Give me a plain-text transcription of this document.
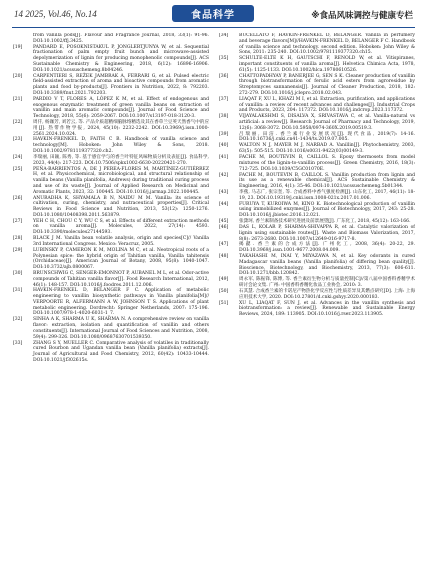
14 2025, Vol.46, No.14	食品科学	※食品风味调控与健康专栏
from vanilla pods[J]. Flavour and Fragrance Journal, 2018, 33(1): 91-96. DOI:10.1002/ffj.3425.
[19]	PANDARD E, POSOKNISTAKUL P, JONGLERTJUNYA W, et al. Sequential fractionation of palm empty fruit bunch and microwave-assisted depolymerization of lignin for producing monophenolic compounds[J]. ACS Sustainable Chemistry & Engineering, 2018, 6(12): 16896-16906. DOI:10.1021/acssuschemeng.8b04246.
[20]	CARPENTIERI S, REŽEK JAMBRAK A, FERRARI G, et al. Pulsed electric field-assisted extraction of aroma and bioactive compounds from aromatic plants and food by-products[J]. Frontiers in Nutrition, 2022, 8: 792203. DOI:10.3389/fnut.2021.792203.
[21]	PARDIO V T, FLORES A, LÓPEZ K M, et al. Effect of endogenous and exogenous enzymatic treatment of green vanilla beans on extraction of vanillin and main aromatic compounds[J]. Journal of Food Science and Technology, 2018, 55(6): 2059-2067. DOI:10.1007/s13197-018-3120-3.
[22]	周仟, 杨珈芳, 刘若云, 等. 产品介质超精细脑脉络精选及其在香草兰豆荚天然香气中的应用[J]. 热带作物学报, 2024, 45(10): 2232-2242. DOI:10.3969/j.issn.1000-2561.2024.10.024.
[23]	HAVKIN-FRENKEL D, FAITH C B. Handbook of vanilla science and technology[M]. Hoboken: John Wiley & Sons, 2018. DOI:10.1002/9781119377320.ch2.
[24]	李瑞丽, 田颖, 陈秀, 等. 基于感官学与的香兰叶特征风味物质分析及表征[J]. 食品科学, 2023, 44(4): 217-223. DOI:10.7506/spkx1002-6630-20220421-270.
[25]	PEÑA-BARRIENTOS A, DE J PEREA-FLORES M, MARTÍNEZ-GUTIÉRREZ H, et al. Physicochemical, microbiological, and structural relationship of vanilla beans (Vanilla planifolia, Andrews) during traditional curing process and use of its waste[J]. Journal of Applied Research on Medicinal and Aromatic Plants, 2023, 32: 100445. DOI:10.1016/j.jarmap.2022.100445.
[26]	ANURADHA K, SHYAMALA B N, NAIDU M M. Vanilla: its science of cultivation, curing, chemistry, and nutraceutical properties[J]. Critical Reviews in Food Science and Nutrition, 2013, 53(12): 1250-1276. DOI:10.1080/10408398.2011.563879.
[27]	YEH C H, CHOU C Y, WU C S, et al. Effects of different extraction methods on vanilla aroma[J]. Molecules, 2022, 27(14): 4593. DOI:10.3390/molecules27144593.
[28]	BLACK J M. Vanilla bean volatile analysis, origin and species[C]// Vanilla 3rd International Congress. Mexico: Veracruz, 2005.
[29]	LUBINSKY P, CAMERON K M, MOLINA M C, et al. Neotropical roots of a Polynesian spice: the hybrid origin of Tahitian vanilla, Vanilla tahitensis (Orchidaceae)[J]. American Journal of Botany, 2008, 95(8): 1040-1047. DOI:10.3732/ajb.0800067.
[30]	BRUNSCHWIG C, SENGER-EMONNOT P, AUBANEL M L, et al. Odor-active compounds of Tahitian vanilla flavor[J]. Food Research International, 2012, 46(1): 148-157. DOI:10.1016/j.foodres.2011.12.006.
[31]	HAVKIN-FRENKEL D, BELANGER F C. Application of metabolic engineering to vanillin biosynthetic pathways in Vanilla planifolia[M]// VERPOORTE R, ALFERMANN A W, JOHNSON T S. Applications of plant metabolic engineering. Dordrecht: Springer Netherlands, 2007: 175-196. DOI:10.1007/978-1-4020-6031-1_7.
[32]	SINHA A K, SHARMA U K, SHARMA N. A comprehensive review on vanilla flavor: extraction, isolation and quantification of vanillin and others constituents[J]. International Journal of Food Sciences and Nutrition, 2008, 59(4): 299-326. DOI:10.1080/09687630701539350.
[33]	ZHANG S Y, MUELLER C. Comparative analysis of volatiles in traditionally cured Bourbon and Ugandan vanilla bean (Vanilla planifolia) extracts[J]. Journal of Agricultural and Food Chemistry, 2012, 60(42): 10433-10444. DOI:10.1021/jf302615s.
[34]	BUCELLATO F, HAVKIN-FRENKEL D, BELANGER. Vanilla in perfumery and beverage flavors[M]//HAVKIN-FRENKEL D, BELANGER F C. Handbook of vanilla science and technology. second edition. Hoboken: John Wiley & Sons, 2011: 235-240. DOI:10.1002/9781119377320.ch15.
[35]	SCHULTE-ELTE K H, GAUTSCHI F, RENOLD W, et al. Vitispiranes, important constituents of vanilla aroma[J]. Helvetica Chimica Acta, 1978, 61(5): 1125-1133. DOI:10.1002/hlca.19780610526.
[36]	CHATTOPADHYAY P, BANERJEE G, SEN S K. Cleaner production of vanillin through biotransformation of ferulic acid esters from agroresidue by Streptomyces sannanensis[J]. Journal of Cleaner Production, 2018, 182: 272-279. DOI:10.1016/j.jclepro.2018.02.043.
[37]	LIAQAT F, XU L, KHAZI M I, et al. Extraction, purification, and applications of vanillin: a review of recent advances and challenges[J]. Industrial Crops and Products, 2023, 204: 117372. DOI:10.1016/j.indcrop.2023.117372.
[38]	VIJAYALAKSHMI S, DISALVA X, SRIVASTAVA C, et al. Vanilla-natural vs artificial: a review[J]. Research Journal of Pharmacy and Technology, 2019, 12(6): 3068-3072. DOI:10.5958/0974-360X.2019.00519.3.
[39]	吕瑞丽, 田洁. 香兰素行业发展状况[J]. 现代食品, 2019(7): 14-16. DOI:10.16736/j.cnki.cn41-1434/ts.2019.07.005.
[40]	WALTON N J, MAYER M J, NARBAD A. Vanillin[J]. Phytochemistry, 2003, 63(5): 505-515. DOI:10.1016/s0031-9422(03)00149-3.
[41]	FACHE M, BOUTEVIN B, CAILLOL S. Epoxy thermosets from model mixtures of the lignin-to-vanillin process[J]. Green Chemistry, 2016, 18(3): 712-725. DOI:10.1039/C5GC01070E.
[42]	FACHE M, BOUTEVIN B, CAILLOL S. Vanillin production from lignin and its use as a renewable chemical[J]. ACS Sustainable Chemistry & Engineering, 2016, 4(1): 35-46. DOI:10.1021/acssuschemeng.5b01344.
[43]	李燕, 马志广, 张宗奎, 等. 合成香料中香气强度检测[J]. 山东化工, 2017, 46(11): 18-19, 23. DOI:10.19319/j.cnki.issn.1008-021x.2017.01.006.
[44]	FURUYA T, KUROIWA M, KINO K. Biotechnological production of vanillin using immobilized enzymes[J]. Journal of Biotechnology, 2017, 243: 25-28. DOI:10.1016/j.jbiotec.2016.12.021.
[45]	张潇珂, 香兰素制备技术研究进展及前景展望[J]. 广东化工, 2018, 45(12): 163-166.
[46]	DAS L, KOLAR P, SHARMA-SHIVAPPA R, et al. Catalytic valorization of lignin using sustainable routes[J]. Waste and Biomass Valorization, 2017, 8(8): 2673-2680. DOI:10.1007/s12649-016-9717-8.
[47]	揭勰. 香兰素的合成方法[J]. 广州化工, 2008, 36(4): 20-22, 29. DOI:10.3969/j.issn.1001-9677.2008.04.009.
[48]	TAKAHASHI M, INAI Y, MIYAZAWA N, et al. Key odorants in cured Madagascar vanilla beans (Vanilla planifolia) of differing bean quality[J]. Bioscience, Biotechnology, and Biochemistry, 2013, 77(3): 606-611. DOI:10.1271/bbb.120842.
[49]	周永军, 陈振锋, 陈博, 等. 香兰素衍生物分析与质量控制[C]//第八届中国香料香精学术研讨会论文集. 广州: 中国香料香精化妆品工业协会, 2010: 3.
[50]	石其慧. 合成香兰素的卡诺尼产物热化学反应性与性质差异及其燃点研究[D]. 上海: 上海应用技术大学, 2020. DOI:10.27801/d.cnki.gshyy.2020.000183.
[51]	XU L, LIAQAT F, SUN J, et al. Advances in the vanillin synthesis and biotransformation: a review[J]. Renewable and Sustainable Energy Reviews, 2024, 189: 113905. DOI:10.1016/j.rser.2023.113905.
